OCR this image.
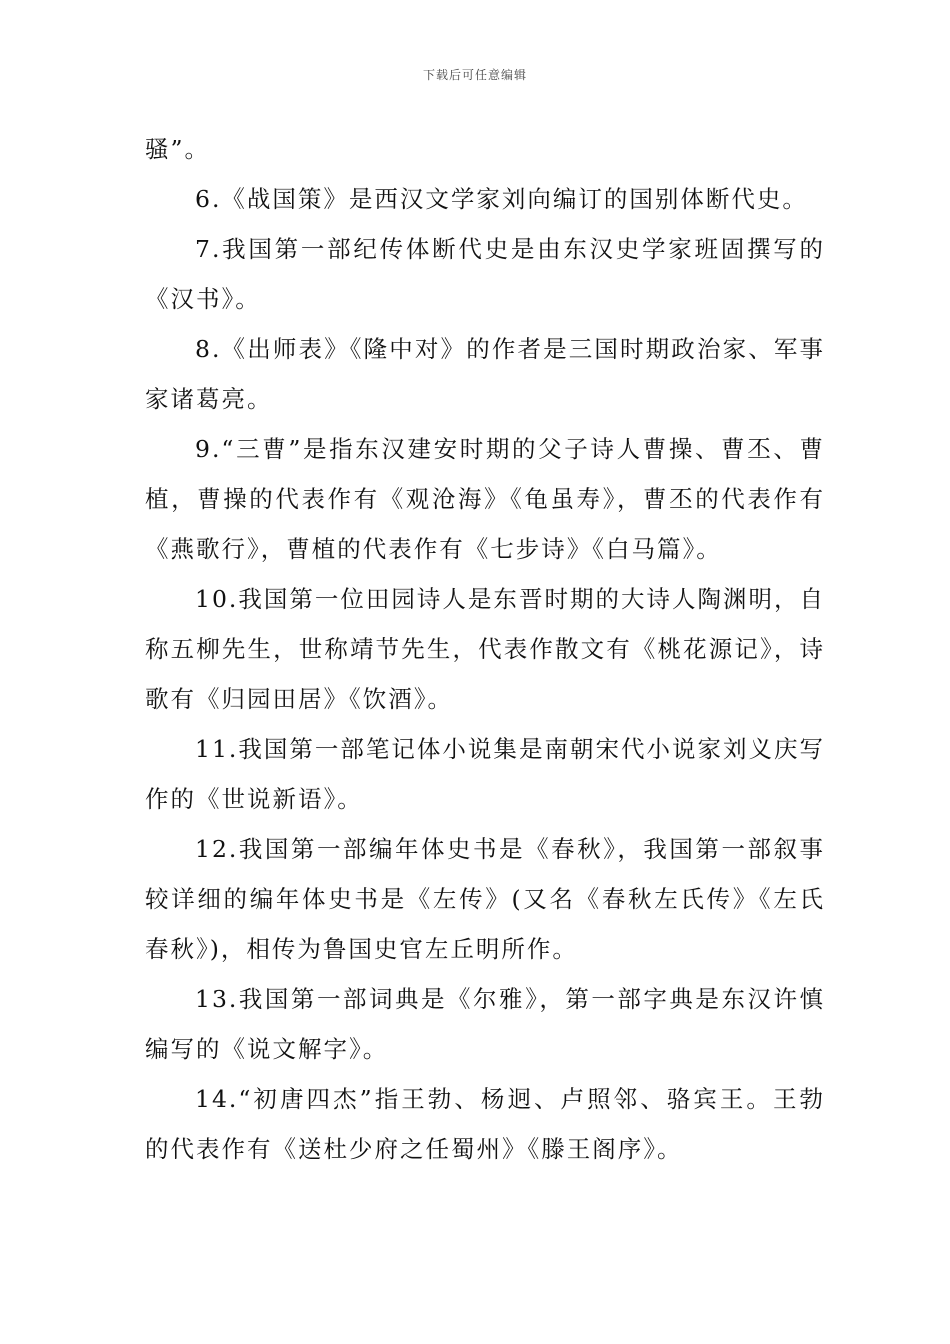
下载后可任意编辑

骚”。

6.《战国策》是西汉文学家刘向编订的国别体断代史。

7.我国第一部纪传体断代史是由东汉史学家班固撰写的《汉书》。

8.《出师表》《隆中对》的作者是三国时期政治家、军事家诸葛亮。

9.“三曹”是指东汉建安时期的父子诗人曹操、曹丕、曹植，曹操的代表作有《观沧海》《龟虽寿》，曹丕的代表作有《燕歌行》，曹植的代表作有《七步诗》《白马篇》。

10.我国第一位田园诗人是东晋时期的大诗人陶渊明，自称五柳先生，世称靖节先生，代表作散文有《桃花源记》，诗歌有《归园田居》《饮酒》。

11.我国第一部笔记体小说集是南朝宋代小说家刘义庆写作的《世说新语》。

12.我国第一部编年体史书是《春秋》，我国第一部叙事较详细的编年体史书是《左传》(又名《春秋左氏传》《左氏春秋》)，相传为鲁国史官左丘明所作。

13.我国第一部词典是《尔雅》，第一部字典是东汉许慎编写的《说文解字》。

14.“初唐四杰”指王勃、杨迥、卢照邻、骆宾王。王勃的代表作有《送杜少府之任蜀州》《滕王阁序》。
